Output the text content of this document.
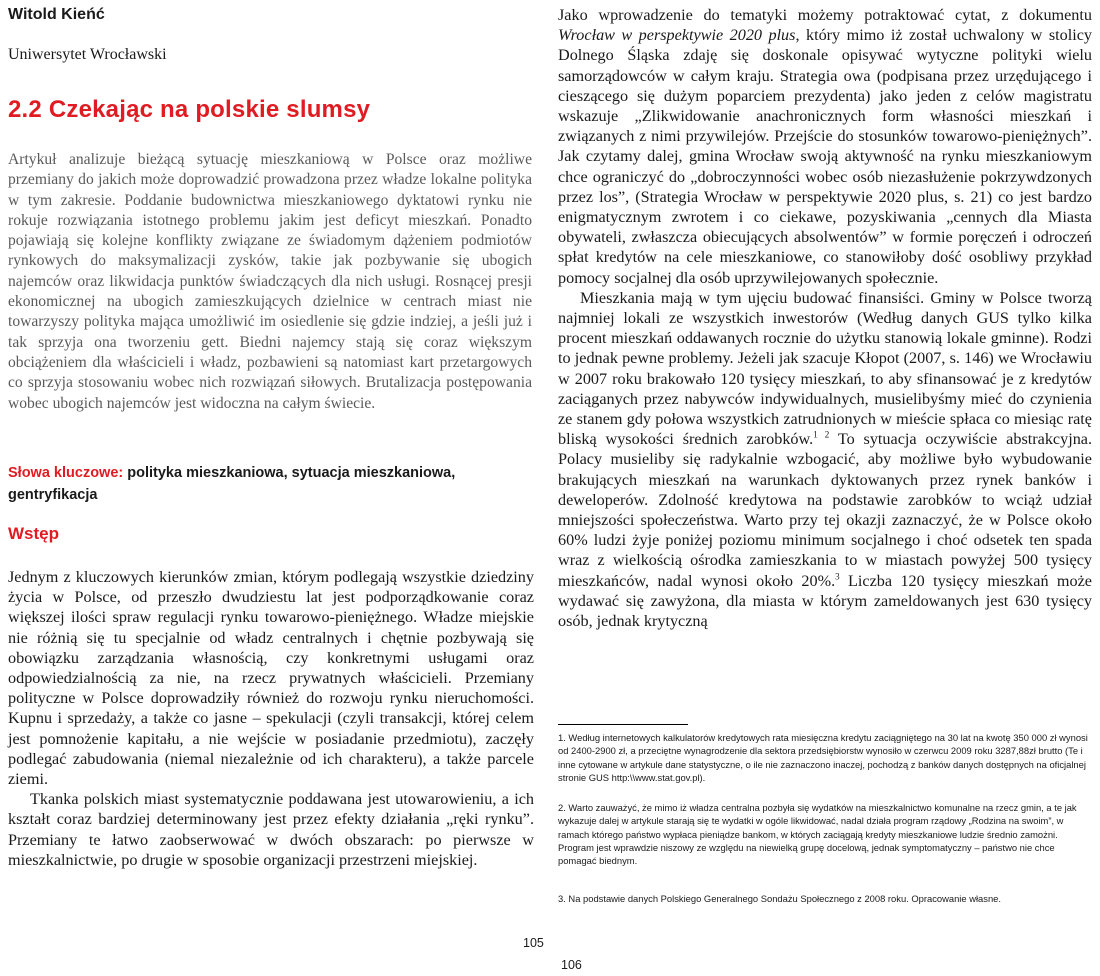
Witold Kieńć
Uniwersytet Wrocławski
2.2 Czekając na polskie slumsy

Artykuł analizuje bieżącą sytuację mieszkaniową w Polsce oraz możliwe przemiany do jakich może doprowadzić prowadzona przez władze lokalne polityka w tym zakresie. Poddanie budownictwa mieszkaniowego dyktatowi rynku nie rokuje rozwiązania istotnego problemu jakim jest deficyt mieszkań. Ponadto pojawiają się kolejne konflikty związane ze świadomym dążeniem podmiotów rynkowych do maksymalizacji zysków, takie jak pozbywanie się ubogich najemców oraz likwidacja punktów świadczących dla nich usługi. Rosnącej presji ekonomicznej na ubogich zamieszkujących dzielnice w centrach miast nie towarzyszy polityka mająca umożliwić im osiedlenie się gdzie indziej, a jeśli już i tak sprzyja ona tworzeniu gett. Biedni najemcy stają się coraz większym obciążeniem dla właścicieli i władz, pozbawieni są natomiast kart przetargowych co sprzyja stosowaniu wobec nich rozwiązań siłowych. Brutalizacja postępowania wobec ubogich najemców jest widoczna na całym świecie.

Słowa kluczowe: polityka mieszkaniowa, sytuacja mieszkaniowa, gentryfikacja

Wstęp

Jednym z kluczowych kierunków zmian, którym podlegają wszystkie dziedziny życia w Polsce, od przeszło dwudziestu lat jest podporządkowanie coraz większej ilości spraw regulacji rynku towarowo-pieniężnego. Władze miejskie nie różnią się tu specjalnie od władz centralnych i chętnie pozbywają się obowiązku zarządzania własnością, czy konkretnymi usługami oraz odpowiedzialnością za nie, na rzecz prywatnych właścicieli. Przemiany polityczne w Polsce doprowadziły również do rozwoju rynku nieruchomości. Kupnu i sprzedaży, a także co jasne – spekulacji (czyli transakcji, której celem jest pomnożenie kapitału, a nie wejście w posiadanie przedmiotu), zaczęły podlegać zabudowania (niemal niezależnie od ich charakteru), a także parcele ziemi.

Tkanka polskich miast systematycznie poddawana jest utowarowieniu, a ich kształt coraz bardziej determinowany jest przez efekty działania „ręki rynku”. Przemiany te łatwo zaobserwować w dwóch obszarach: po pierwsze w mieszkalnictwie, po drugie w sposobie organizacji przestrzeni miejskiej.

Jako wprowadzenie do tematyki możemy potraktować cytat, z dokumentu Wrocław w perspektywie 2020 plus, który mimo iż został uchwalony w stolicy Dolnego Śląska zdaję się doskonale opisywać wytyczne polityki wielu samorządowców w całym kraju. Strategia owa (podpisana przez urzędującego i cieszącego się dużym poparciem prezydenta) jako jeden z celów magistratu wskazuje „Zlikwidowanie anachronicznych form własności mieszkań i związanych z nimi przywilejów. Przejście do stosunków towarowo-pieniężnych”. Jak czytamy dalej, gmina Wrocław swoją aktywność na rynku mieszkaniowym chce ograniczyć do „dobroczynności wobec osób niezasłużenie pokrzywdzonych przez los”, (Strategia Wrocław w perspektywie 2020 plus, s. 21) co jest bardzo enigmatycznym zwrotem i co ciekawe, pozyskiwania „cennych dla Miasta obywateli, zwłaszcza obiecujących absolwentów” w formie poręczeń i odroczeń spłat kredytów na cele mieszkaniowe, co stanowiłoby dość osobliwy przykład pomocy socjalnej dla osób uprzywilejowanych społecznie.

Mieszkania mają w tym ujęciu budować finansiści. Gminy w Polsce tworzą najmniej lokali ze wszystkich inwestorów (Według danych GUS tylko kilka procent mieszkań oddawanych rocznie do użytku stanowią lokale gminne). Rodzi to jednak pewne problemy. Jeżeli jak szacuje Kłopot (2007, s. 146) we Wrocławiu w 2007 roku brakowało 120 tysięcy mieszkań, to aby sfinansować je z kredytów zaciąganych przez nabywców indywidualnych, musielibyśmy mieć do czynienia ze stanem gdy połowa wszystkich zatrudnionych w mieście spłaca co miesiąc ratę bliską wysokości średnich zarobków.$^{1 2}$ To sytuacja oczywiście abstrakcyjna. Polacy musieliby się radykalnie wzbogacić, aby możliwe było wybudowanie brakujących mieszkań na warunkach dyktowanych przez rynek banków i deweloperów. Zdolność kredytowa na podstawie zarobków to wciąż udział mniejszości społeczeństwa. Warto przy tej okazji zaznaczyć, że w Polsce około 60% ludzi żyje poniżej poziomu minimum socjalnego i choć odsetek ten spada wraz z wielkością ośrodka zamieszkania to w miastach powyżej 500 tysięcy mieszkańców, nadal wynosi około 20%.$^3$ Liczba 120 tysięcy mieszkań może wydawać się zawyżona, dla miasta w którym zameldowanych jest 630 tysięcy osób, jednak krytyczną

1. Według internetowych kalkulatorów kredytowych rata miesięczna kredytu zaciągniętego na 30 lat na kwotę 350 000 zł wynosi od 2400-2900 zł, a przeciętne wynagrodzenie dla sektora przedsiębiorstw wynosiło w czerwcu 2009 roku 3287,88zł brutto (Te i inne cytowane w artykule dane statystyczne, o ile nie zaznaczono inaczej, pochodzą z banków danych dostępnych na oficjalnej stronie GUS http:\\www.stat.gov.pl).

2. Warto zauważyć, że mimo iż władza centralna pozbyła się wydatków na mieszkalnictwo komunalne na rzecz gmin, a te jak wykazuje dalej w artykule starają się te wydatki w ogóle likwidować, nadal działa program rządowy „Rodzina na swoim”, w ramach którego państwo wypłaca pieniądze bankom, w których zaciągają kredyty mieszkaniowe ludzie średnio zamożni. Program jest wprawdzie niszowy ze względu na niewielką grupę docelową, jednak symptomatyczny – państwo nie chce pomagać biednym.

3. Na podstawie danych Polskiego Generalnego Sondażu Społecznego z 2008 roku. Opracowanie własne.

105
106
